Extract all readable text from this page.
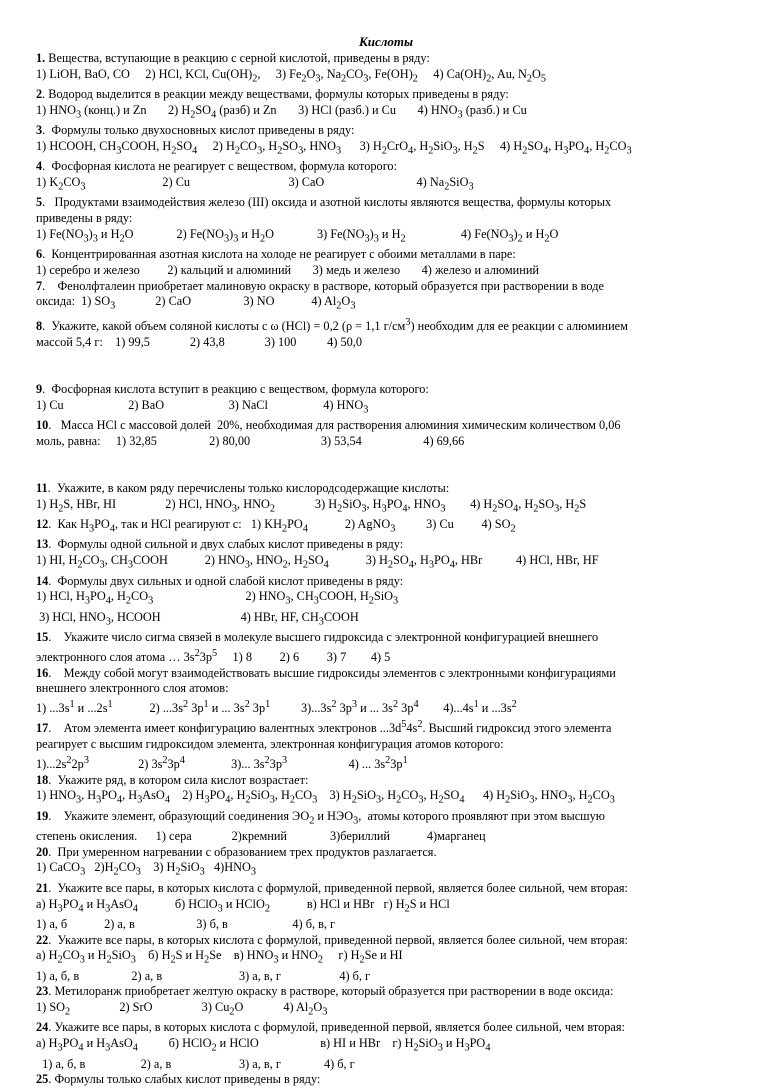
Кислоты
1. Вещества, вступающие в реакцию с серной кислотой, приведены в ряду:
1) LiOH, BaO, CO     2) HCl, KCl, $Cu(OH)_2$,     3) $Fe_2O_3$, $Na_2CO_3$, $Fe(OH)_2$     4) $Ca(OH)_2$, Au, $N_2O_5$
2. Водород выделится в реакции между веществами, формулы которых приведены в ряду:
1) $HNO_3$ (конц.) и Zn       2) $H_2SO_4$ (разб) и Zn       3) HCl (разб.) и Cu       4) $HNO_3$ (разб.) и Cu
3.  Формулы только двухосновных кислот приведены в ряду:
1) HCOOH, $CH_3COOH$, $H_2SO_4$     2) $H_2CO_3$, $H_2SO_3$, $HNO_3$      3) $H_2CrO_4$, $H_2SiO_3$, $H_2S$     4) $H_2SO_4$, $H_3PO_4$, $H_2CO_3$
4.  Фосфорная кислота не реагирует с веществом, формула которого:
1) $K_2CO_3$                         2) Cu                                3) CaO                              4) $Na_2SiO_3$
5.   Продуктами взаимодействия железо (III) оксида и азотной кислоты являются вещества, формулы которых
приведены в ряду:
1) $Fe(NO_3)_3$ и $H_2O$              2) $Fe(NO_3)_3$ и $H_2O$              3) $Fe(NO_3)_3$ и $H_2$                  4) $Fe(NO_3)_2$ и $H_2O$
6.  Концентрированная азотная кислота на холоде не реагирует с обоими металлами в паре:
1) серебро и железо         2) кальций и алюминий       3) медь и железо       4) железо и алюминий
7.    Фенолфталеин приобретает малиновую окраску в растворе, который образуется при растворении в воде
оксида:  1) $SO_3$             2) CaO                 3) NO            4) $Al_2O_3$
8.  Укажите, какой объем соляной кислоты с ω (HCl) = 0,2 (ρ = 1,1 $г/см^3$) необходим для ее реакции с алюминием
массой 5,4 г:    1) 99,5             2) 43,8             3) 100          4) 50,0
9.  Фосфорная кислота вступит в реакцию с веществом, формула которого:
1) Cu                     2) BaO                     3) NaCl                  4) $HNO_3$
10.   Масса HCl с массовой долей  20%, необходимая для растворения алюминия химическим количеством 0,06
моль, равна:     1) 32,85                 2) 80,00                       3) 53,54                    4) 69,66
11.  Укажите, в каком ряду перечислены только кислородсодержащие кислоты:
1) $H_2S$, HBr, HI                2) HCl, $HNO_3$, $HNO_2$             3) $H_2SiO_3$, $H_3PO_4$, $HNO_3$        4) $H_2SO_4$, $H_2SO_3$, $H_2S$
12.  Как $H_3PO_4$, так и HCl реагируют с:   1) $KH_2PO_4$            2) AgNO$_3$          3) Cu         4) $SO_2$
13.  Формулы одной сильной и двух слабых кислот приведены в ряду:
1) HI, $H_2CO_3$, $CH_3COOH$            2) $HNO_3$, $HNO_2$, $H_2SO_4$            3) $H_2SO_4$, $H_3PO_4$, HBr           4) HCl, HBr, HF
14.  Формулы двух сильных и одной слабой кислот приведены в ряду:
1) HCl, $H_3PO_4$, $H_2CO_3$                              2) $HNO_3$, $CH_3COOH$, $H_2SiO_3$
3) HCl, $HNO_3$, HCOOH                          4) HBr, HF, $CH_3COOH$
15.    Укажите число сигма связей в молекуле высшего гидроксида с электронной конфигурацией внешнего
электронного слоя атома … $3s^23p^5$     1) 8         2) 6         3) 7        4) 5
16.    Между собой могут взаимодействовать высшие гидроксиды элементов с электронными конфигурациями
внешнего электронного слоя атомов:
1) $...3s^1$ и $...2s^1$            2) $...3s^2$ $3p^1$ и ... $3s^2$ $3p^1$          $3)...3s^2$ $3p^3$ и ... $3s^2$ $3p^4$        $4)...4s^1$ и $...3s^2$
17.    Атом элемента имеет конфигурацию валентных электронов $...3d^54s^2$. Высший гидроксид этого элемента
реагирует с высшим гидроксидом элемента, электронная конфигурация атомов которого:
$1)...2s^22p^3$                2) $3s^23p^4$               3)... $3s^23p^3$                    4) ... $3s^23p^1$
18.  Укажите ряд, в котором сила кислот возрастает:
1) $HNO_3$, $H_3PO_4$, $H_3AsO_4$    2) $H_3PO_4$, $H_2SiO_3$, $H_2CO_3$    3) $H_2SiO_3$, $H_2CO_3$, $H_2SO_4$      4) $H_2SiO_3$, $HNO_3$, $H_2CO_3$
19.    Укажите элемент, образующий соединения $ЭО_2$ и $НЭО_3$,  атомы которого проявляют при этом высшую
степень окисления.      1) сера             2)кремний              3)бериллий            4)марганец
20.  При умеренном нагревании с образованием трех продуктов разлагается.
1) CaCO$_3$   $2)H_2CO_3$    3) $H_2SiO_3$   $4)HNO_3$
21.  Укажите все пары, в которых кислота с формулой, приведенной первой, является более сильной, чем вторая:
а) $H_3PO_4$ и $H_3AsO_4$            б) HClO$_3$ и HClO$_2$            в) HCl и HBr   г) $H_2S$ и HCl
1) а, б            2) а, в                    3) б, в                     4) б, в, г
22.  Укажите все пары, в которых кислота с формулой, приведенной первой, является более сильной, чем вторая:
а) $H_2CO_3$ и $H_2SiO_3$    б) $H_2S$ и $H_2Se$    в) $HNO_3$ и $HNO_2$     г) $H_2Se$ и HI
1) а, б, в                 2) а, в                         3) а, в, г                   4) б, г
23. Метилоранж приобретает желтую окраску в растворе, который образуется при растворении в воде оксида:
1) $SO_2$                2) SrO                3) $Cu_2O$             4) $Al_2O_3$
24. Укажите все пары, в которых кислота с формулой, приведенной первой, является более сильной, чем вторая:
а) $H_3PO_4$ и $H_3AsO_4$          б) HClO$_2$ и HClO                    в) HI и HBr    г) $H_2SiO_3$ и $H_3PO_4$
1) а, б, в                  2) а, в                      3) а, в, г              4) б, г
25. Формулы только слабых кислот приведены в ряду:
